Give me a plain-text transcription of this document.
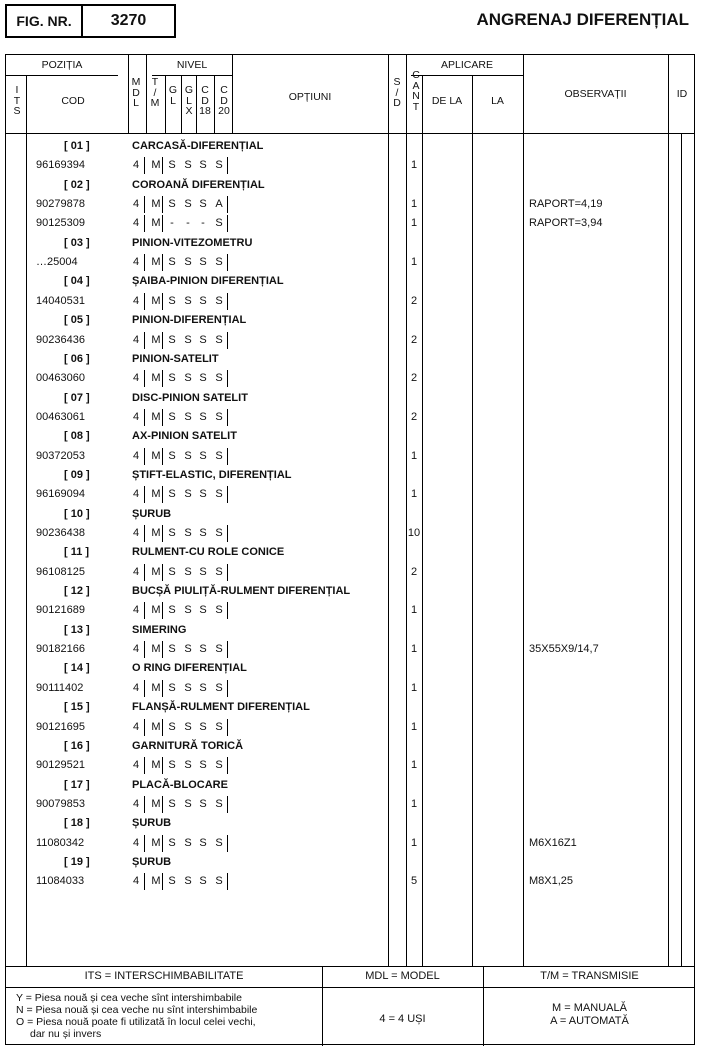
FIG. NR.	3270	ANGRENAJ DIFERENȚIAL
POZIȚIA
I T S
COD
M D L
T / M
NIVEL
G L
G L X
C D 18
C D 20
OPȚIUNI
S / D
C A N T
APLICARE
DE LA	LA
OBSERVAȚII	ID
[ 01 ]	CARCASĂ-DIFERENȚIAL
96169394	4	M S S S S	1
[ 02 ]	COROANĂ DIFERENȚIAL
90279878	4	M S S S A	1	RAPORT=4,19
90125309	4	M -	-	- S	1	RAPORT=3,94
[ 03 ]	PINION-VITEZOMETRU
…25004	4	M S S S S	1
[ 04 ]	ȘAIBA-PINION DIFERENȚIAL
14040531	4	M S S S S	2
[ 05 ]	PINION-DIFERENȚIAL
90236436	4	M S S S S	2
[ 06 ]	PINION-SATELIT
00463060	4	M S S S S	2
[ 07 ]	DISC-PINION SATELIT
00463061	4	M S S S S	2
[ 08 ]	AX-PINION SATELIT
90372053	4	M S S S S	1
[ 09 ]	ȘTIFT-ELASTIC, DIFERENȚIAL
96169094	4	M S S S S	1
[ 10 ]	ȘURUB
90236438	4	M S S S S	10
[ 11 ]	RULMENT-CU ROLE CONICE
96108125	4	M S S S S	2
[ 12 ]	BUCȘĂ PIULIȚĂ-RULMENT DIFERENȚIAL
90121689	4	M S S S S	1
[ 13 ]	SIMERING
90182166	4	M S S S S	1	35X55X9/14,7
[ 14 ]	O RING DIFERENȚIAL
90111402	4	M S S S S	1
[ 15 ]	FLANȘĂ-RULMENT DIFERENȚIAL
90121695	4	M S S S S	1
[ 16 ]	GARNITURĂ TORICĂ
90129521	4	M S S S S	1
[ 17 ]	PLACĂ-BLOCARE
90079853	4	M S S S S	1
[ 18 ]	ȘURUB
11080342	4	M S S S S	1	M6X16Z1
[ 19 ]	ȘURUB
11084033	4	M S S S S	5	M8X1,25
ITS = INTERSCHIMBABILITATE	MDL = MODEL	T/M = TRANSMISIE
Y = Piesa nouă și cea veche sînt intershimbabile
N = Piesa nouă și cea veche nu sînt intershimbabile
O = Piesa nouă poate fi utilizată în locul celei vechi,
dar nu și invers
4 = 4 UȘI
M = MANUALĂ
A = AUTOMATĂ
